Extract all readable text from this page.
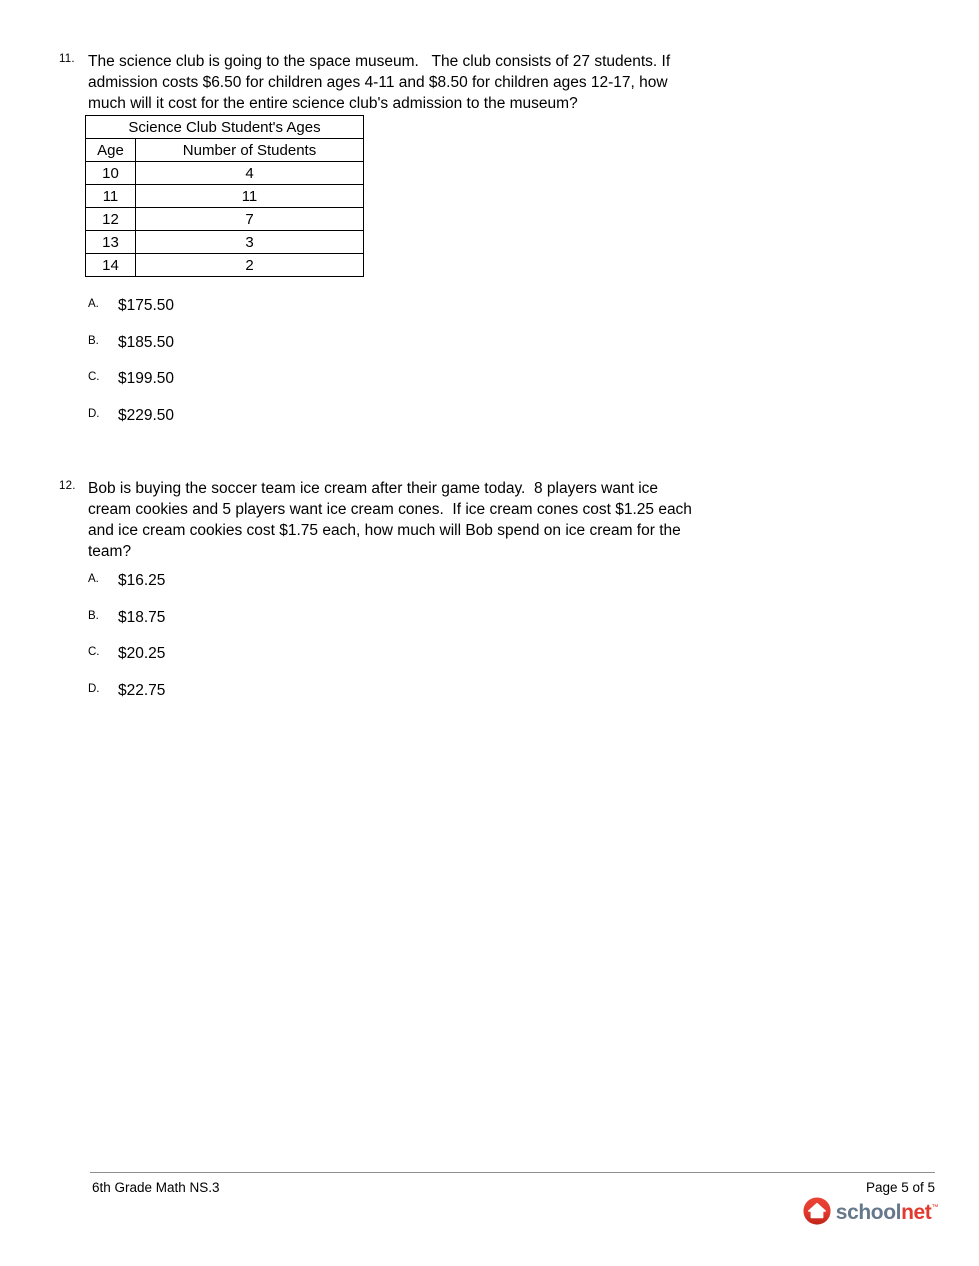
11. The science club is going to the space museum.   The club consists of 27 students. If
admission costs $6.50 for children ages 4-11 and $8.50 for children ages 12-17, how
much will it cost for the entire science club's admission to the museum?
Science Club Student's Ages	
Age	Number of Students
10	4
11	11
12	7
13	3
14	2
A.	$175.50
B.	$185.50
C.	$199.50
D.	$229.50
12. Bob is buying the soccer team ice cream after their game today.  8 players want ice
cream cookies and 5 players want ice cream cones.  If ice cream cones cost $1.25 each
and ice cream cookies cost $1.75 each, how much will Bob spend on ice cream for the
team?
A.	$16.25
B.	$18.75
C.	$20.25
D.	$22.75
6th Grade Math NS.3	Page 5 of 5
schoolnet™
